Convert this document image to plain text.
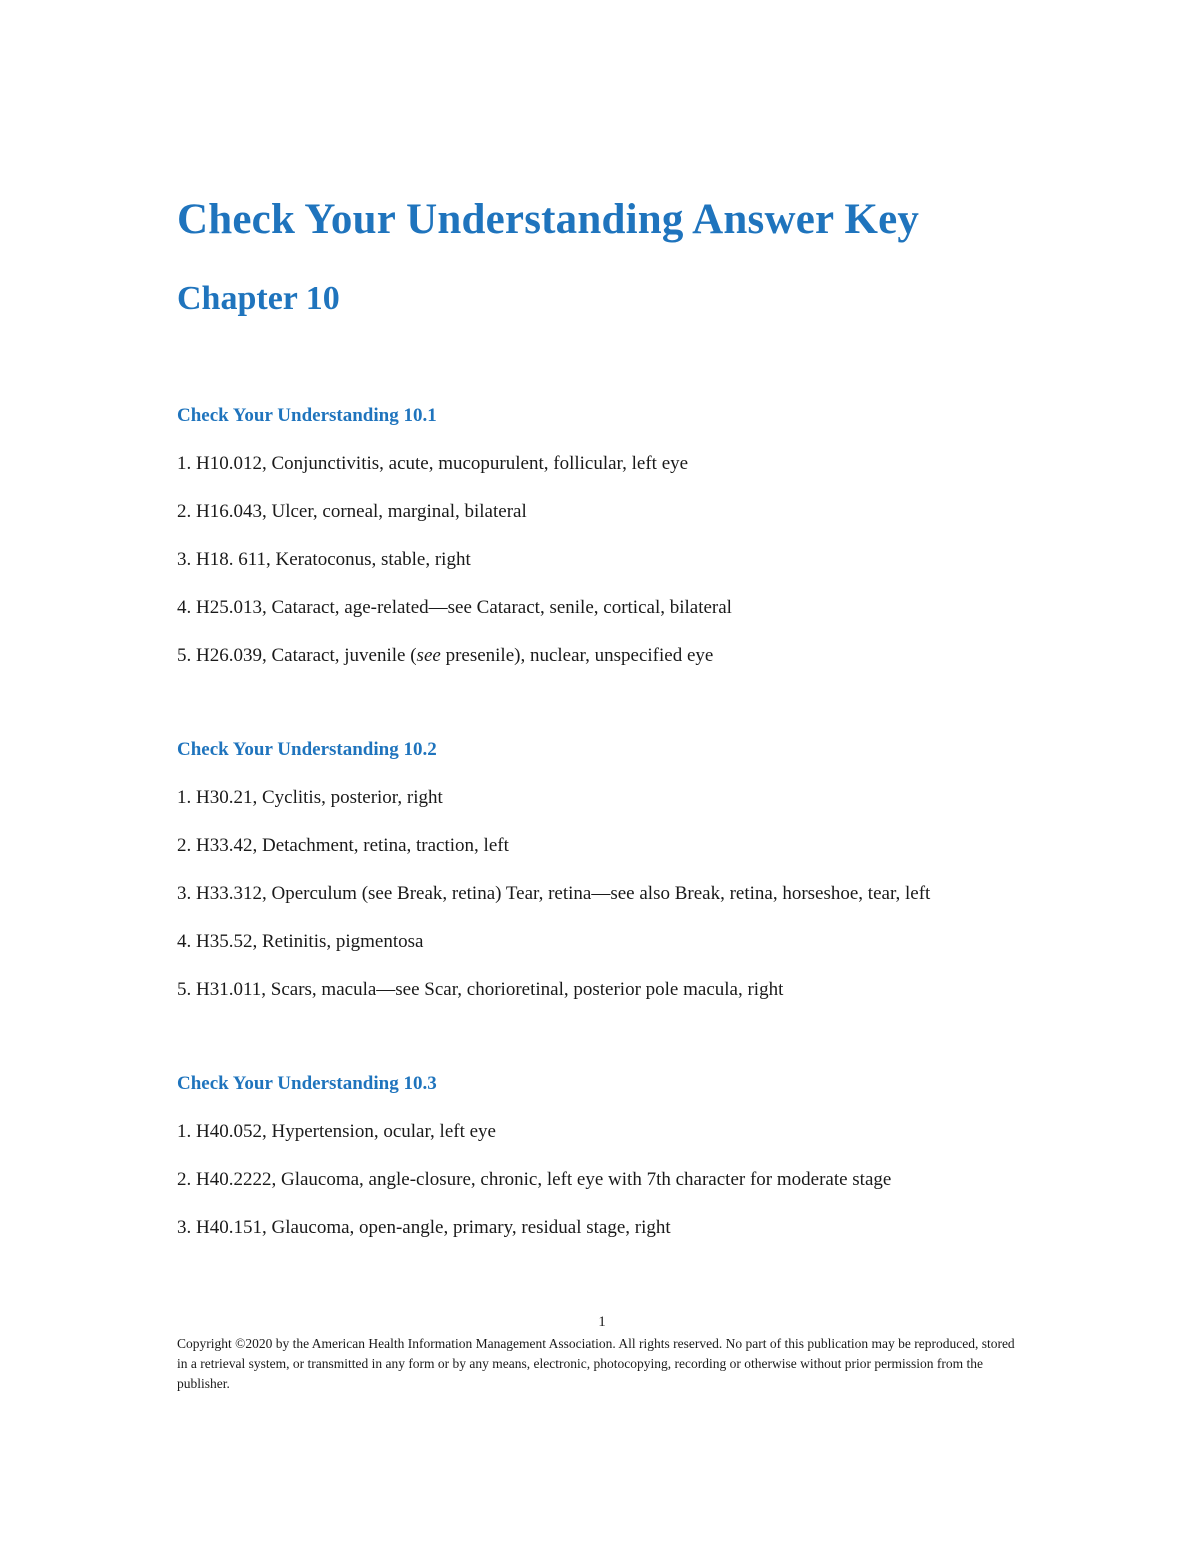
Check Your Understanding Answer Key
Chapter 10
Check Your Understanding 10.1
1. H10.012, Conjunctivitis, acute, mucopurulent, follicular, left eye
2. H16.043, Ulcer, corneal, marginal, bilateral
3. H18. 611, Keratoconus, stable, right
4. H25.013, Cataract, age-related—see Cataract, senile, cortical, bilateral
5. H26.039, Cataract, juvenile (see presenile), nuclear, unspecified eye
Check Your Understanding 10.2
1. H30.21, Cyclitis, posterior, right
2. H33.42, Detachment, retina, traction, left
3. H33.312, Operculum (see Break, retina) Tear, retina—see also Break, retina, horseshoe, tear, left
4. H35.52, Retinitis, pigmentosa
5. H31.011, Scars, macula—see Scar, chorioretinal, posterior pole macula, right
Check Your Understanding 10.3
1. H40.052, Hypertension, ocular, left eye
2. H40.2222, Glaucoma, angle-closure, chronic, left eye with 7th character for moderate stage
3. H40.151, Glaucoma, open-angle, primary, residual stage, right

1

Copyright ©2020 by the American Health Information Management Association. All rights reserved. No part of this publication may be reproduced, stored in a retrieval system, or transmitted in any form or by any means, electronic, photocopying, recording or otherwise without prior permission from the publisher.
